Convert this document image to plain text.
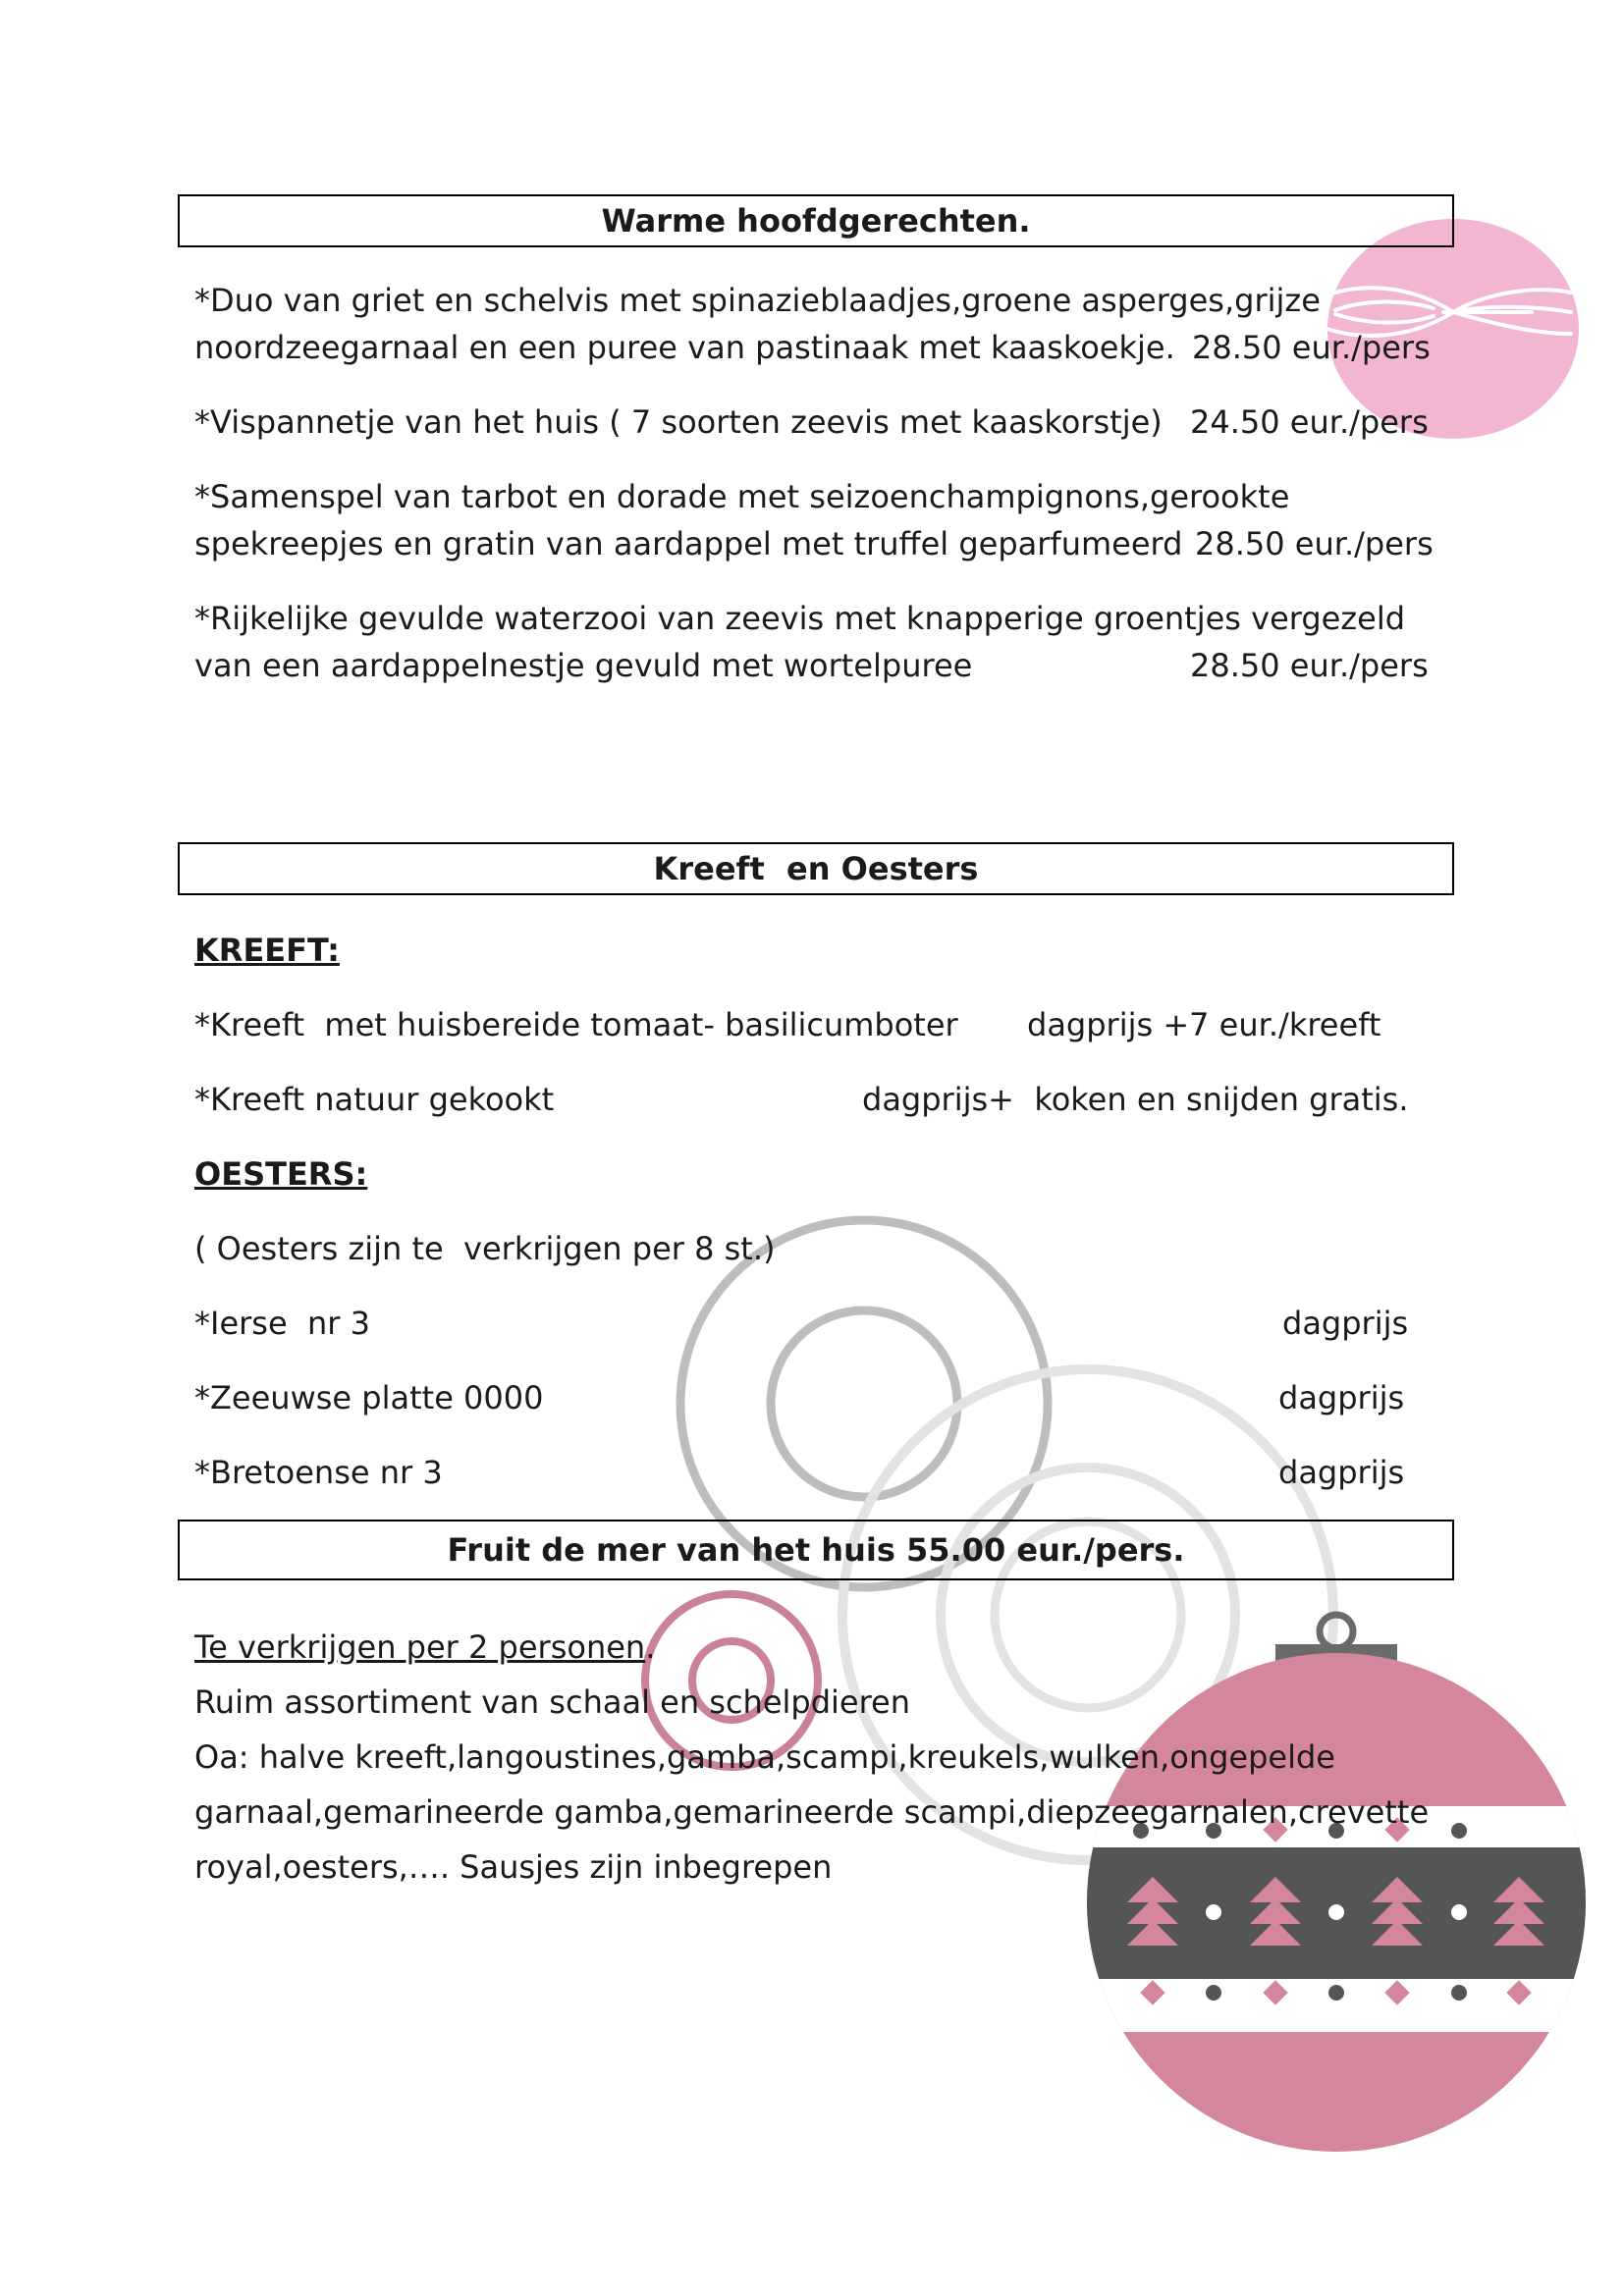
Warme hoofdgerechten.
*Duo van griet en schelvis met spinazieblaadjes,groene asperges,grijze
noordzeegarnaal en een puree van pastinaak met kaaskoekje. 28.50 eur./pers
*Vispannetje van het huis ( 7 soorten zeevis met kaaskorstje) 24.50 eur./pers
*Samenspel van tarbot en dorade met seizoenchampignons,gerookte
spekreepjes en gratin van aardappel met truffel geparfumeerd 28.50 eur./pers
*Rijkelijke gevulde waterzooi van zeevis met knapperige groentjes vergezeld
van een aardappelnestje gevuld met wortelpuree	28.50 eur./pers
Kreeft  en Oesters
KREEFT:
*Kreeft  met huisbereide tomaat- basilicumboter dagprijs +7 eur./kreeft
*Kreeft natuur gekookt	dagprijs+  koken en snijden gratis.
OESTERS:
( Oesters zijn te  verkrijgen per 8 st.)
*Ierse  nr 3	dagprijs
*Zeeuwse platte 0000	dagprijs
*Bretoense nr 3	dagprijs
Fruit de mer van het huis 55.00 eur./pers.
Te verkrijgen per 2 personen.
Ruim assortiment van schaal en schelpdieren
Oa: halve kreeft,langoustines,gamba,scampi,kreukels,wulken,ongepelde
garnaal,gemarineerde gamba,gemarineerde scampi,diepzeegarnalen,crevette
royal,oesters,…. Sausjes zijn inbegrepen
